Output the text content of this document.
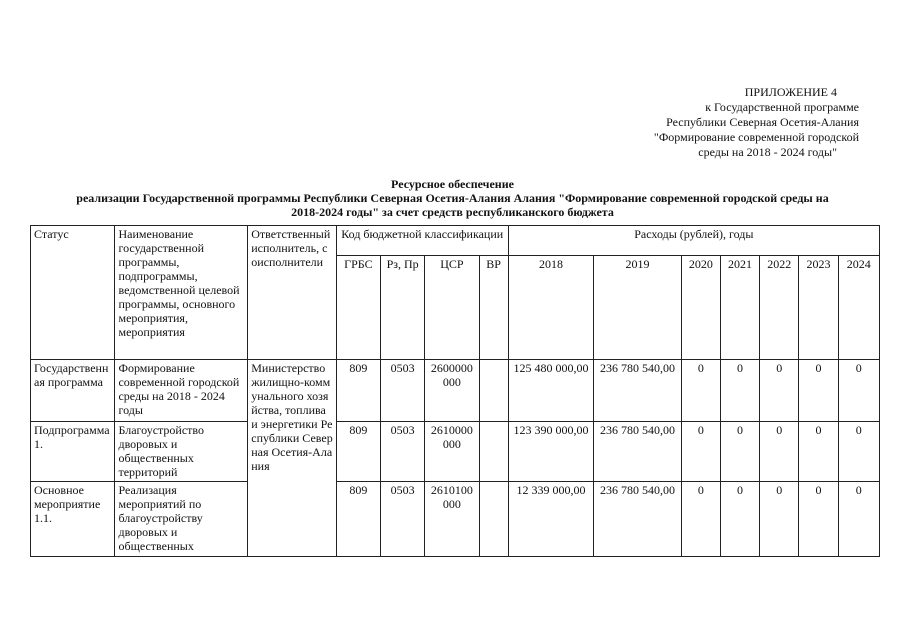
ПРИЛОЖЕНИЕ 4
к Государственной программе
Республики Северная Осетия-Алания
"Формирование современной городской
среды на 2018 - 2024 годы"
Ресурсное обеспечение
реализации Государственной программы Республики Северная Осетия-Алания Алания "Формирование современной городской среды на
2018-2024 годы" за счет средств республиканского бюджета
Статус	Наименование государственной программы, подпрограммы, ведомственной целевой программы, основного мероприятия, мероприятия	Ответственный исполнитель, соисполнители	Код бюджетной классификации				Расходы (рублей), годы						
			ГРБС	Рз, Пр	ЦСР	ВР	2018	2019	2020	2021	2022	2023	2024
Государственная программа	Формирование современной городской среды на 2018 - 2024 годы	Министерство жилищно-коммунального хозяйства, топлива и энергетики Республики Северная Осетия-Алания	809	0503	2600000000		125 480 000,00	236 780 540,00	0	0	0	0	0
Подпрограмма 1.	Благоустройство дворовых и общественных территорий		809	0503	2610000000		123 390 000,00	236 780 540,00	0	0	0	0	0
Основное мероприятие 1.1.	Реализация мероприятий по благоустройству дворовых и общественных		809	0503	2610100000		12 339 000,00	236 780 540,00	0	0	0	0	0
